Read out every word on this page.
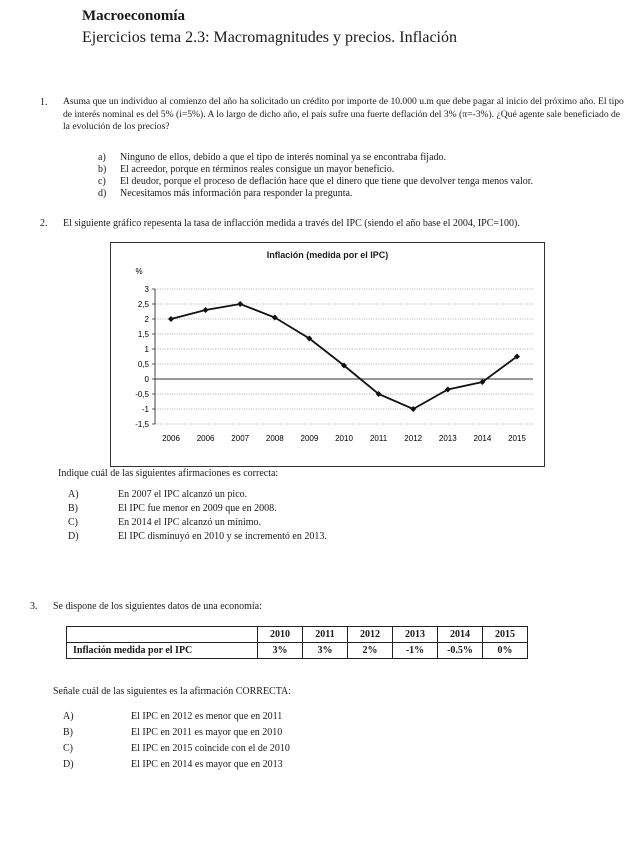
Macroeconomía
Ejercicios tema 2.3: Macromagnitudes y precios. Inflación
1. Asuma que un individuo al comienzo del año ha solicitado un crédito por importe de 10.000 u.m que debe pagar al inicio del próximo año. El tipo de interés nominal es del 5% (i=5%). A lo largo de dicho año, el país sufre una fuerte deflación del 3% (π=-3%). ¿Qué agente sale beneficiado de la evolución de los precios?
a) Ninguno de ellos, debido a que el tipo de interés nominal ya se encontraba fijado.
b) El acreedor, porque en términos reales consigue un mayor beneficio.
c) El deudor, porque el proceso de deflación hace que el dinero que tiene que devolver tenga menos valor.
d) Necesitamos más información para responder la pregunta.
2. El siguiente gráfico repesenta la tasa de inflacción medida a través del IPC (siendo el año base el 2004, IPC=100).
Inflación (medida por el IPC)
%
3
2,5
2
1,5
1
0,5
0
-0,5
-1
-1,5
2006 2006 2007 2008 2009 2010 2011 2012 2013 2014 2015
Indique cuál de las siguientes afirmaciones es correcta:
A)	En 2007 el IPC alcanzó un pico.
B)	El IPC fue menor en 2009 que en 2008.
C)	En 2014 el IPC alcanzó un mínimo.
D)	El IPC disminuyó en 2010 y se incrementó en 2013.
3. Se dispone de los siguientes datos de una economía:
	2010	2011	2012	2013	2014	2015
Inflación medida por el IPC	3%	3%	2%	-1%	-0.5%	0%
Señale cuál de las siguientes es la afirmación CORRECTA:
A)	El IPC en 2012 es menor que en 2011
B)	El IPC en 2011 es mayor que en 2010
C)	El IPC en 2015 coincide con el de 2010
D)	El IPC en 2014 es mayor que en 2013
